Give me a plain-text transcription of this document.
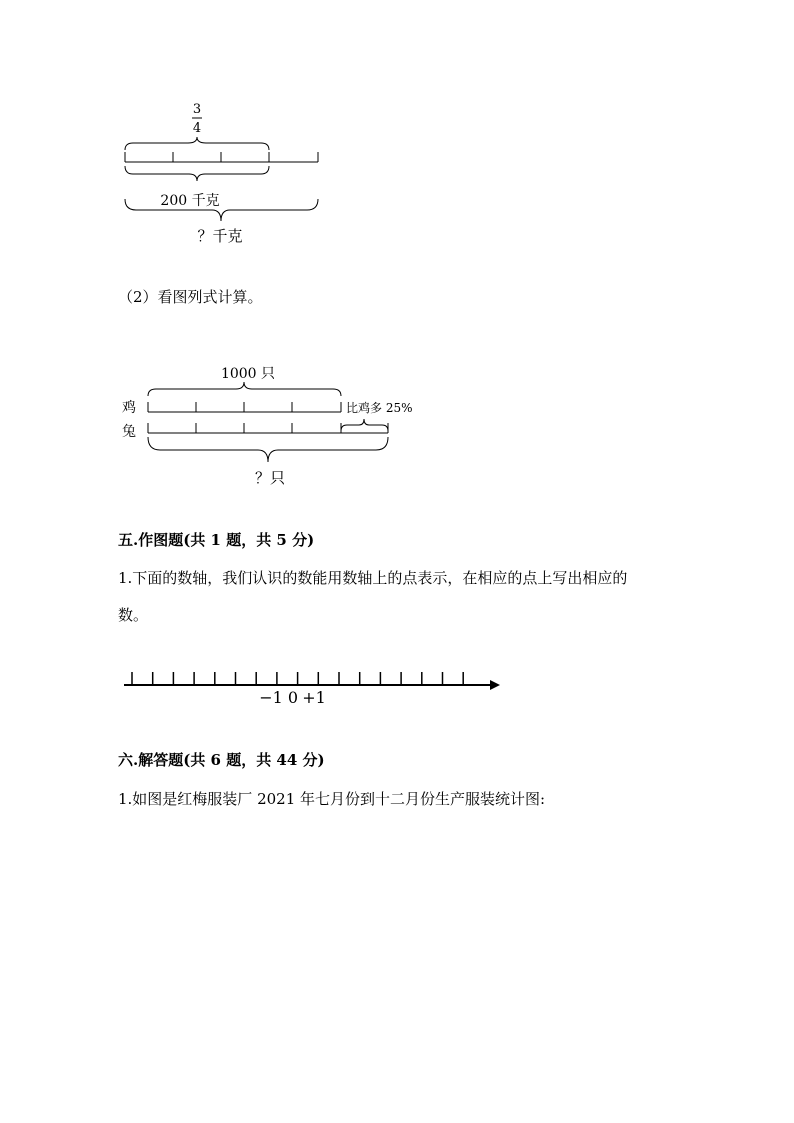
3
4
200 千克
？千克
（2）看图列式计算。
1000 只
鸡	比鸡多 25%
兔
？只
五.作图题(共 1 题，共 5 分)
1.下面的数轴，我们认识的数能用数轴上的点表示，在相应的点上写出相应的
数。
−1 0 +1
六.解答题(共 6 题，共 44 分)
1.如图是红梅服装厂 2021 年七月份到十二月份生产服装统计图:
